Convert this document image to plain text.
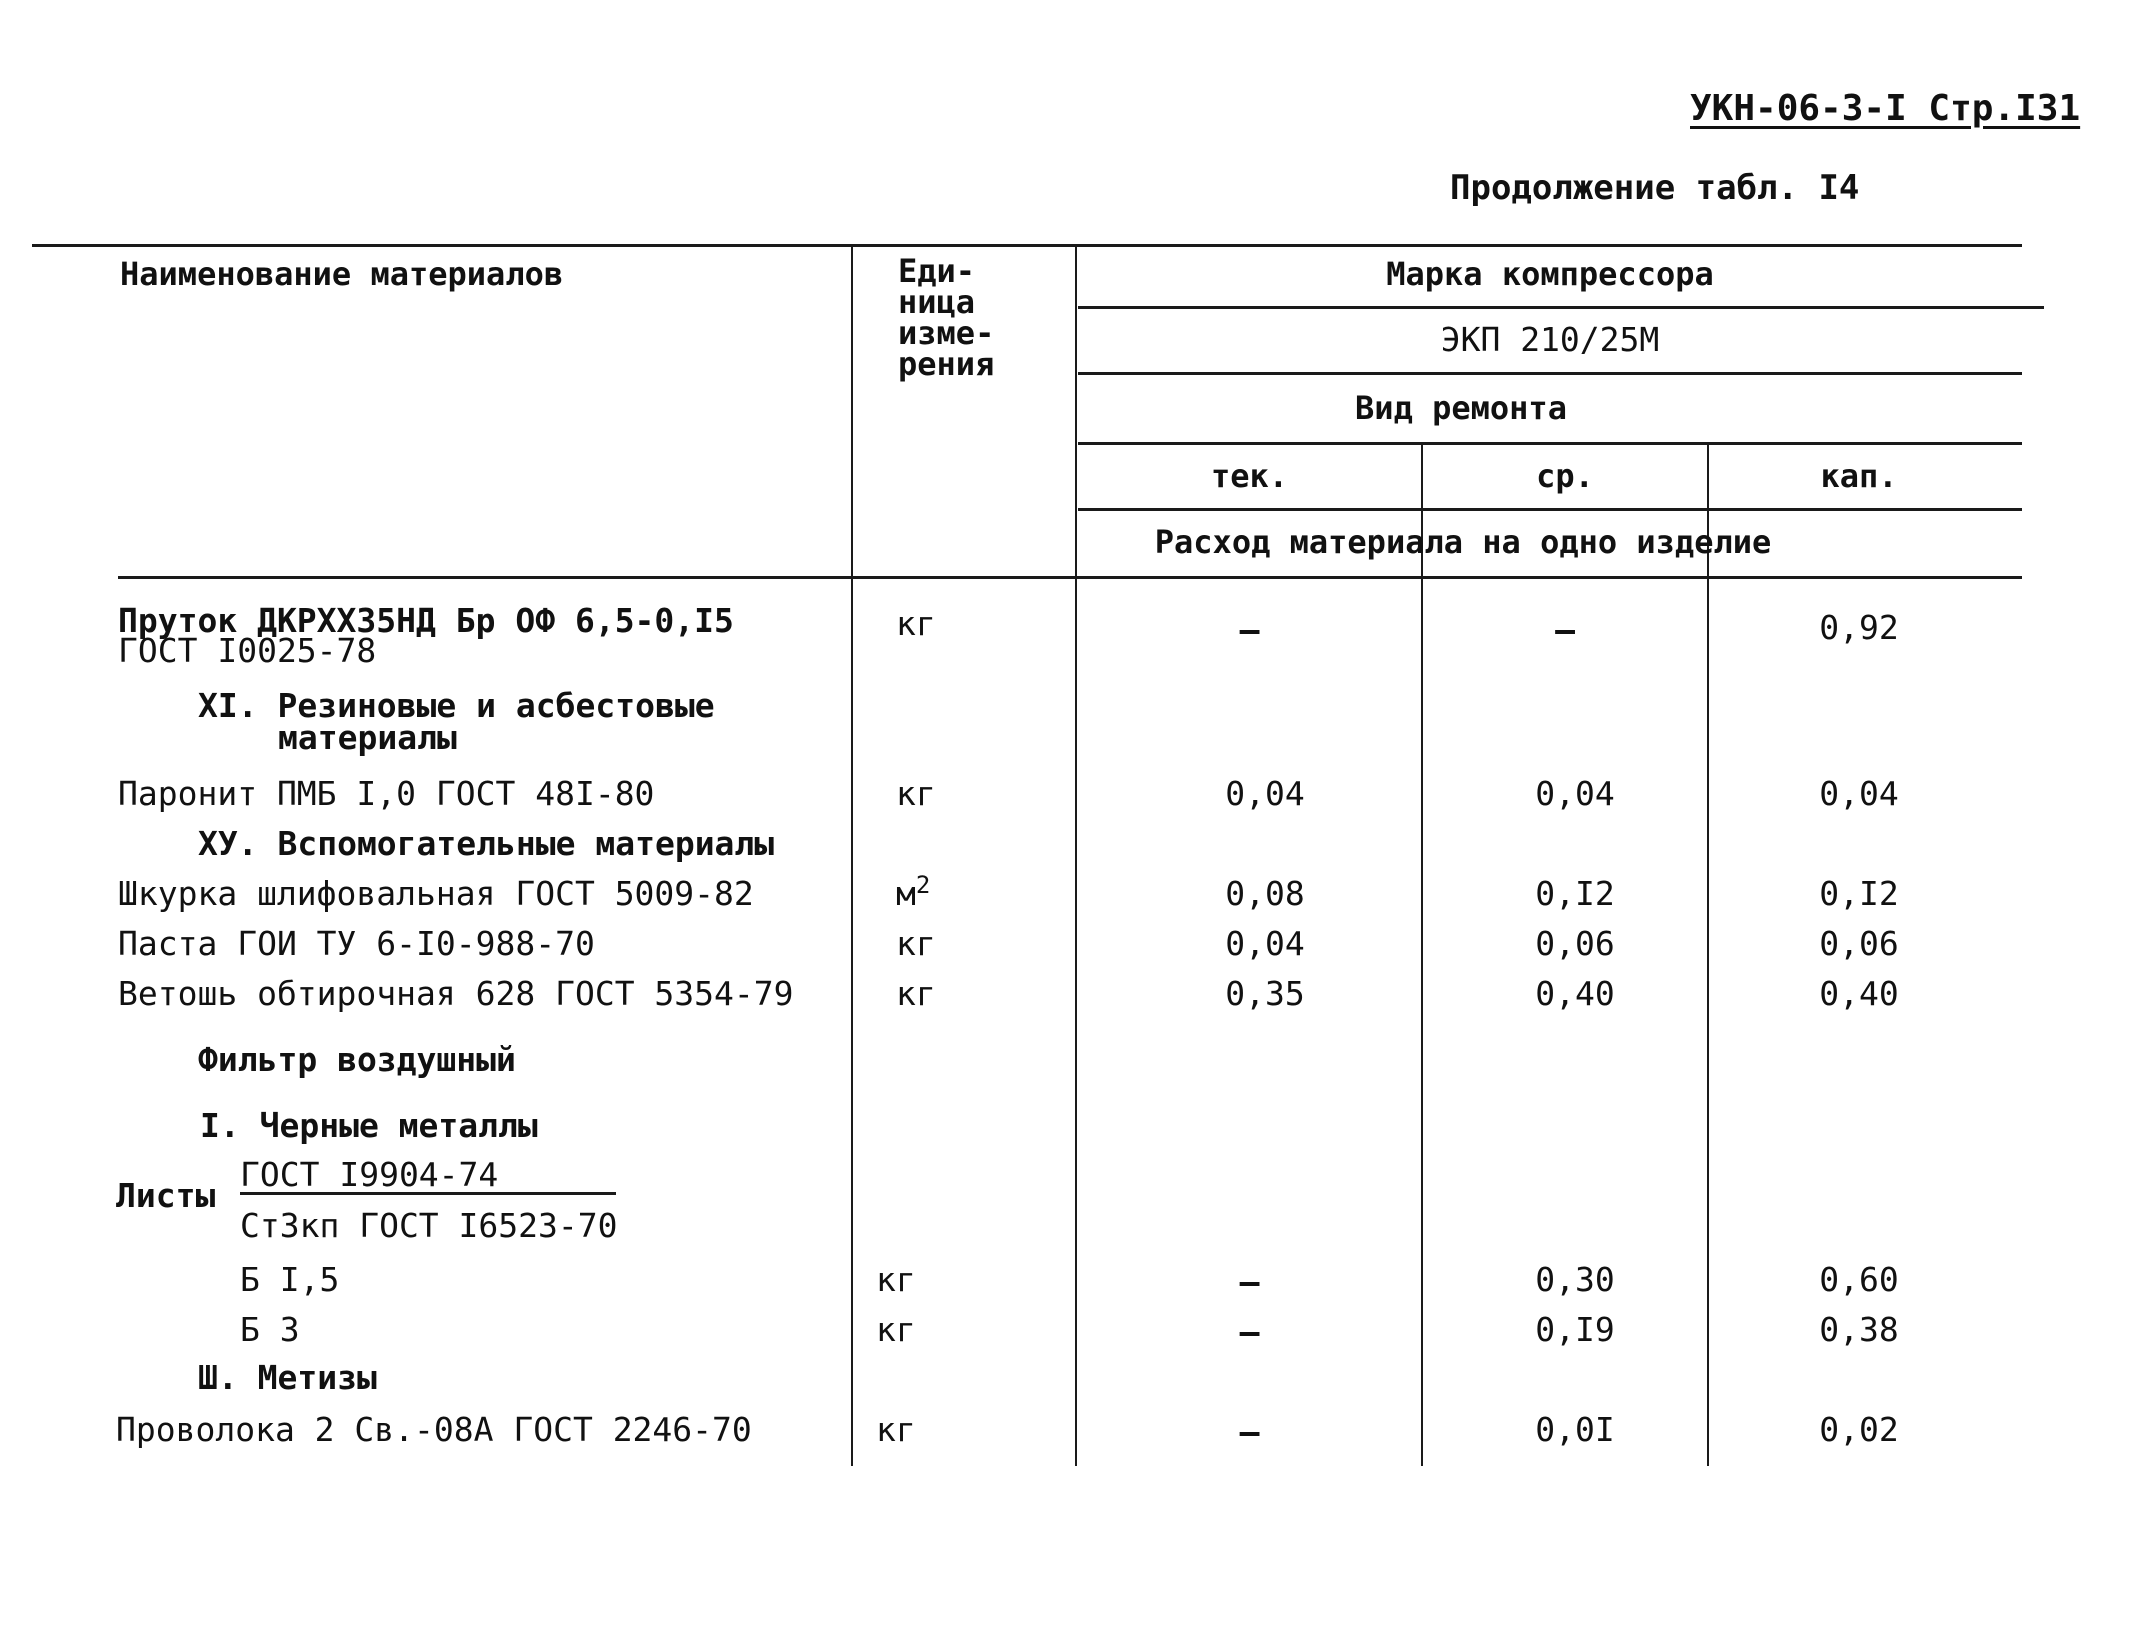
УКН-06-3-I Стр.I31
Продолжение табл. I4
Наименование материалов	Еди-
ница
изме-
рения
Марка компрессора
ЭКП 210/25М
Вид ремонта
тек.	ср.	кап.
Расход материала на одно изделие
Пруток ДКРХХ35НД Бр ОФ 6,5-0,I5
ГОСТ I0025-78
кг	–	–	0,92
XI. Резиновые и асбестовые
материалы
Паронит ПМБ I,0 ГОСТ 48I-80	кг	0,04	0,04	0,04
ХУ. Вспомогательные материалы
Шкурка шлифовальная ГОСТ 5009-82	$м^2$	0,08	0,I2	0,I2
Паста ГОИ ТУ 6-I0-988-70	кг	0,04	0,06	0,06
Ветошь обтирочная 628 ГОСТ 5354-79	кг	0,35	0,40	0,40
Фильтр воздушный
I. Черные металлы
Листы
ГОСТ I9904-74
Ст3кп ГОСТ I6523-70
Б I,5	кг	–	0,30	0,60
Б 3	кг	–	0,I9	0,38
Ш. Метизы
Проволока 2 Св.-08А ГОСТ 2246-70	кг	–	0,0I	0,02
